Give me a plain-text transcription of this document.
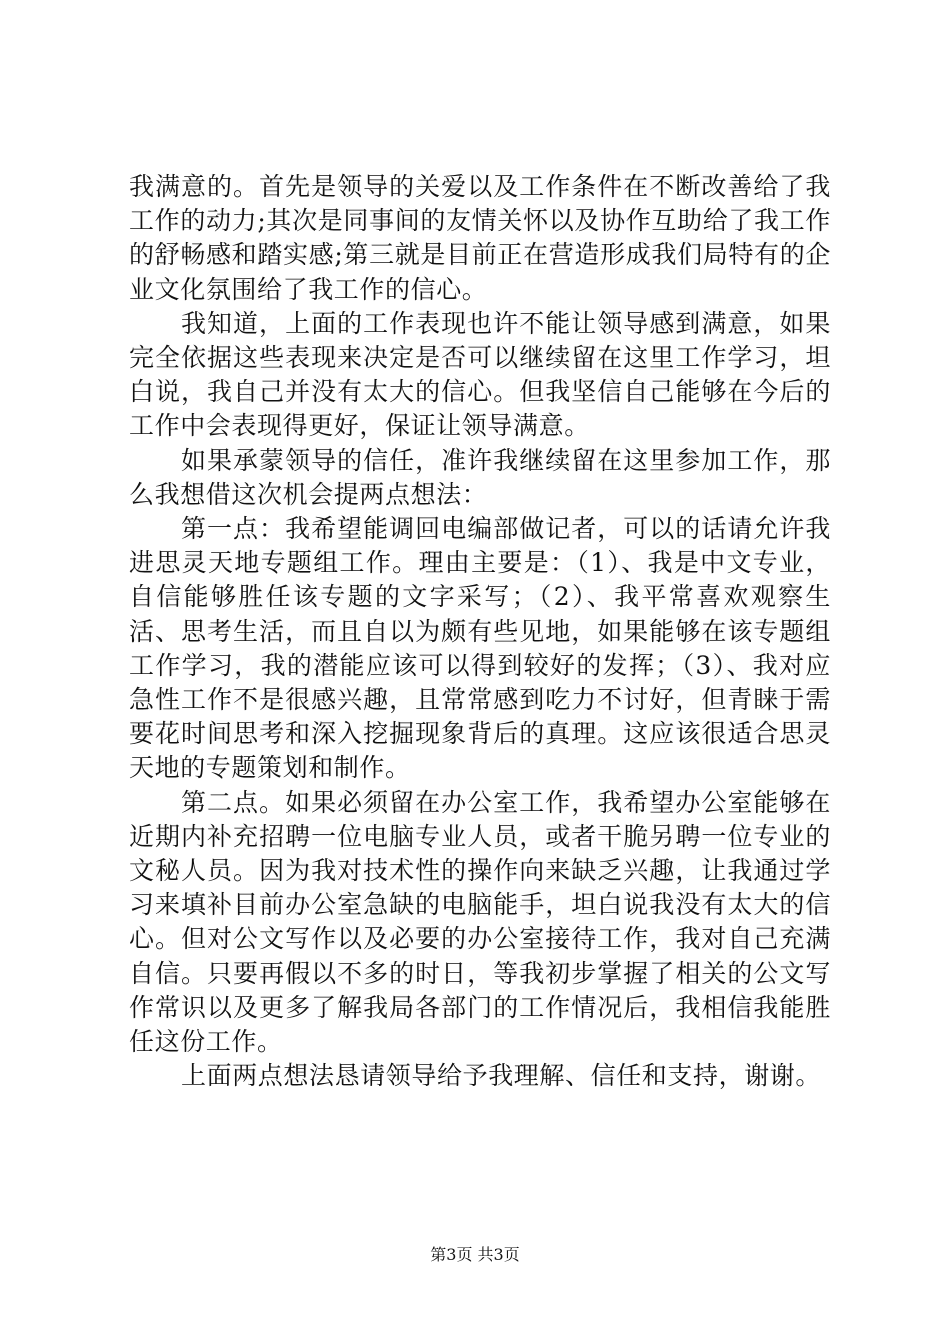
我满意的。首先是领导的关爱以及工作条件在不断改善给了我工作的动力;其次是同事间的友情关怀以及协作互助给了我工作的舒畅感和踏实感;第三就是目前正在营造形成我们局特有的企业文化氛围给了我工作的信心。

我知道，上面的工作表现也许不能让领导感到满意，如果完全依据这些表现来决定是否可以继续留在这里工作学习，坦白说，我自己并没有太大的信心。但我坚信自己能够在今后的工作中会表现得更好，保证让领导满意。

如果承蒙领导的信任，准许我继续留在这里参加工作，那么我想借这次机会提两点想法：

第一点：我希望能调回电编部做记者，可以的话请允许我进思灵天地专题组工作。理由主要是：（1）、我是中文专业，自信能够胜任该专题的文字采写；（2）、我平常喜欢观察生活、思考生活，而且自以为颇有些见地，如果能够在该专题组工作学习，我的潜能应该可以得到较好的发挥；（3）、我对应急性工作不是很感兴趣，且常常感到吃力不讨好，但青睐于需要花时间思考和深入挖掘现象背后的真理。这应该很适合思灵天地的专题策划和制作。

第二点。如果必须留在办公室工作，我希望办公室能够在近期内补充招聘一位电脑专业人员，或者干脆另聘一位专业的文秘人员。因为我对技术性的操作向来缺乏兴趣，让我通过学习来填补目前办公室急缺的电脑能手，坦白说我没有太大的信心。但对公文写作以及必要的办公室接待工作，我对自己充满自信。只要再假以不多的时日，等我初步掌握了相关的公文写作常识以及更多了解我局各部门的工作情况后，我相信我能胜任这份工作。

上面两点想法恳请领导给予我理解、信任和支持，谢谢。

第3页 共3页
